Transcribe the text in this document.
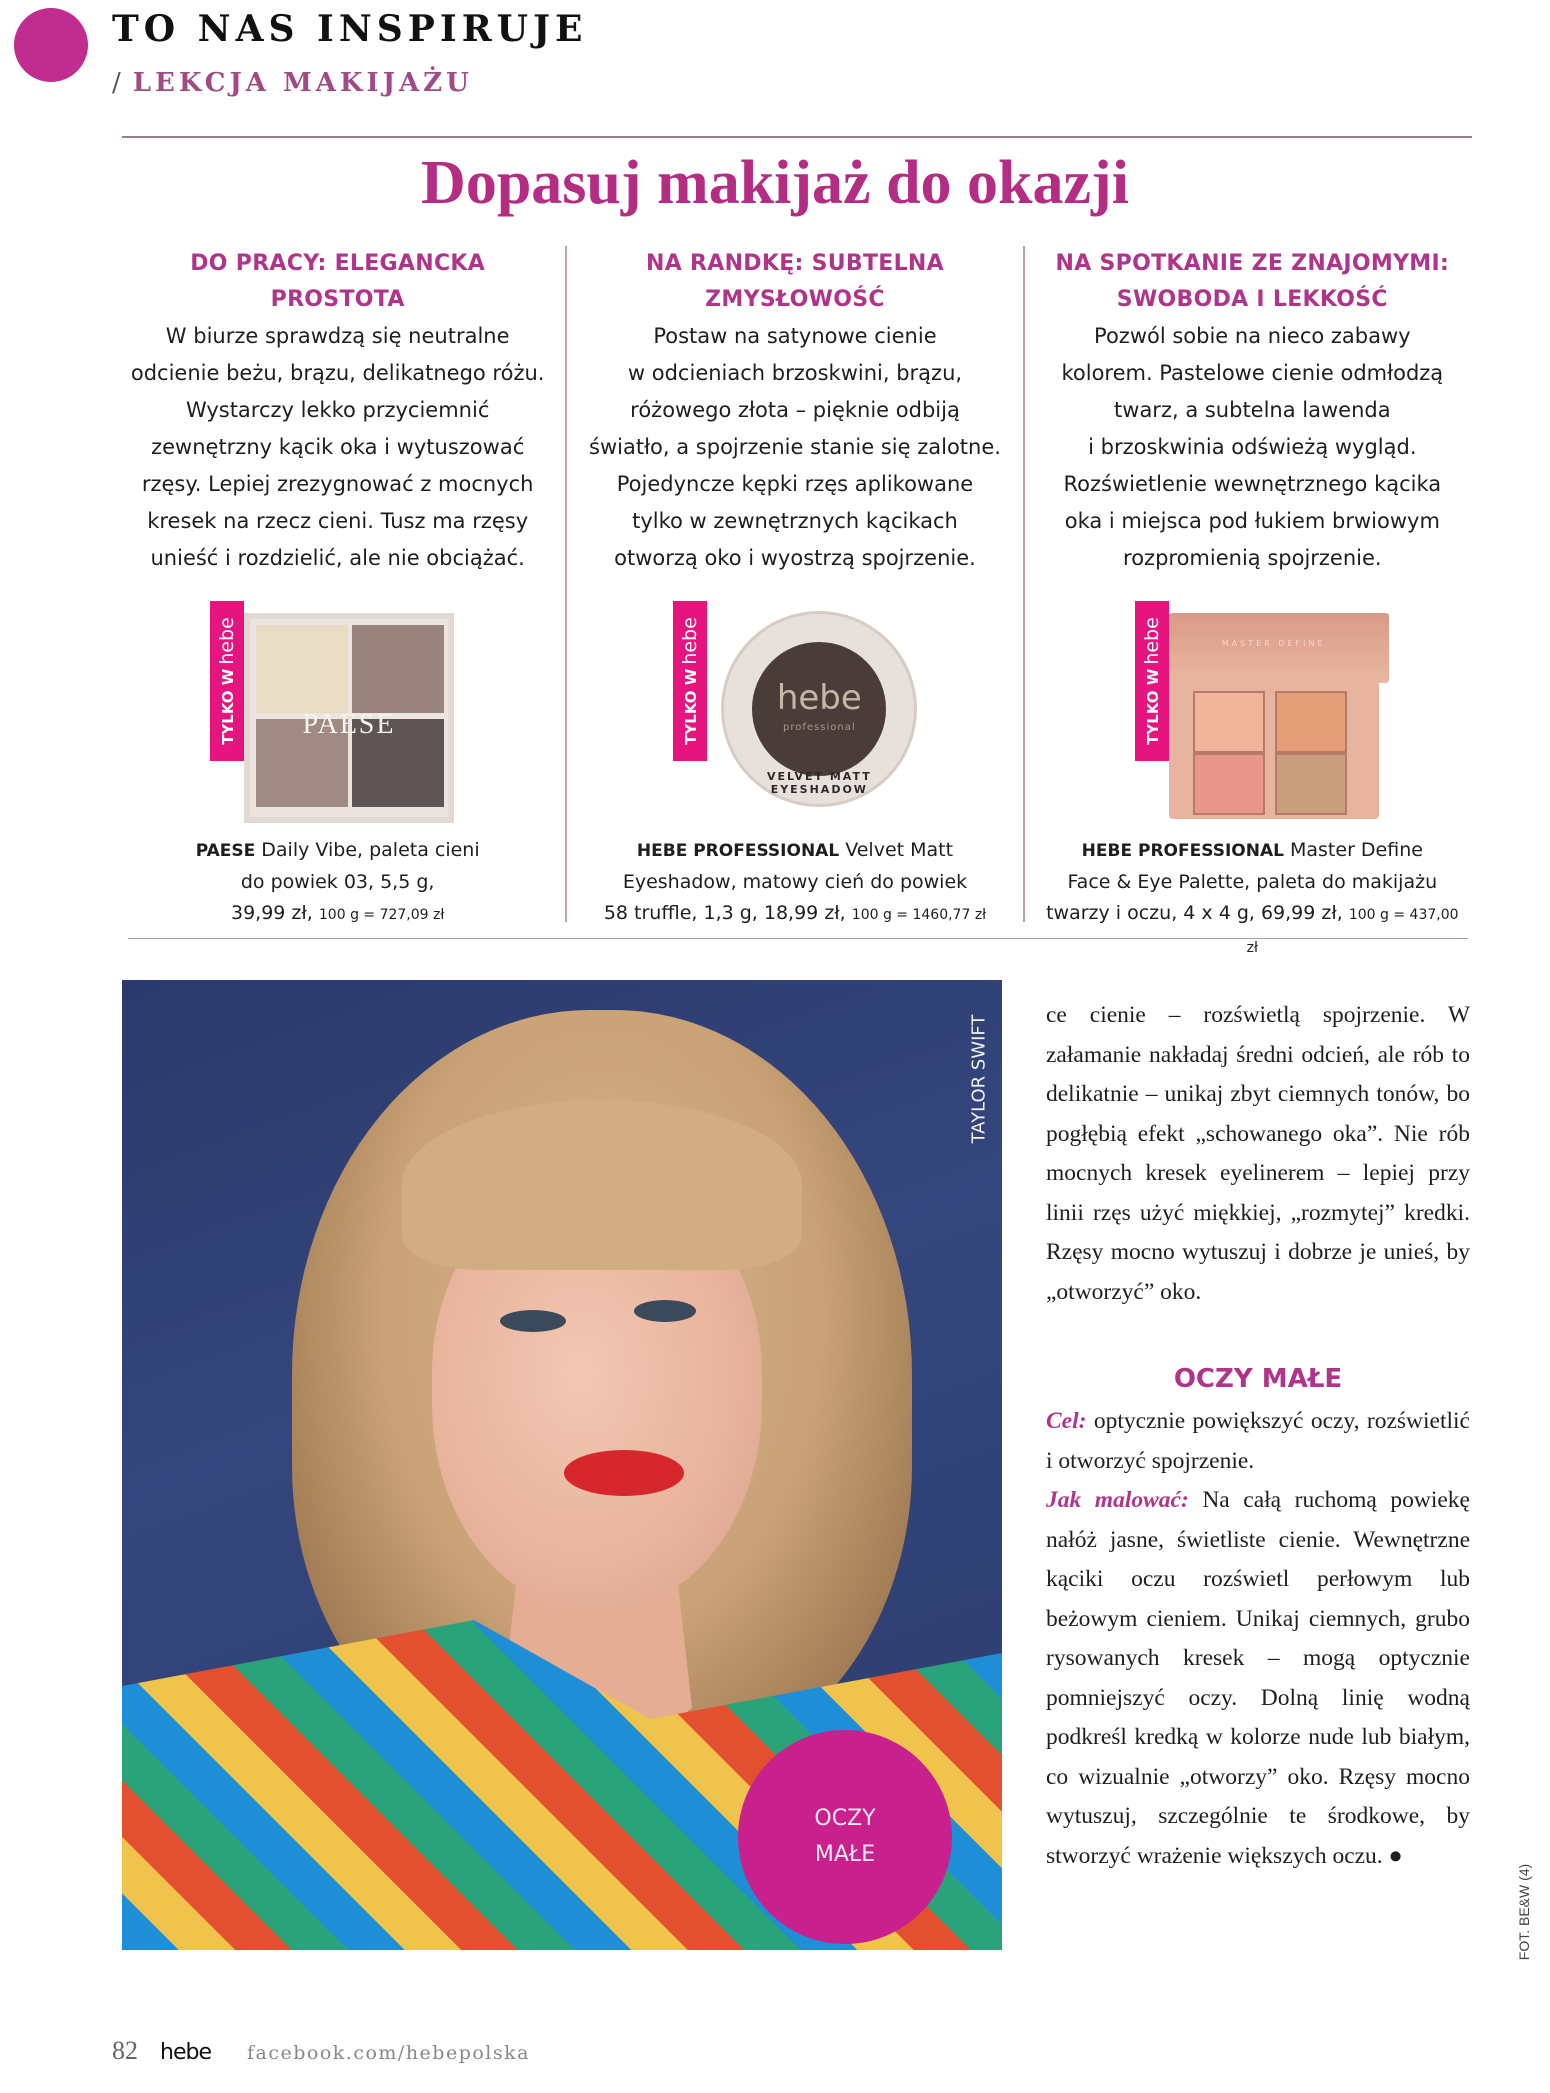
TO NAS INSPIRUJE
/ LEKCJA MAKIJAŻU
Dopasuj makijaż do okazji
DO PRACY: ELEGANCKA
PROSTOTA
W biurze sprawdzą się neutralne
odcienie beżu, brązu, delikatnego różu.
Wystarczy lekko przyciemnić
zewnętrzny kącik oka i wytuszować
rzęsy. Lepiej zrezygnować z mocnych
kresek na rzecz cieni. Tusz ma rzęsy
unieść i rozdzielić, ale nie obciążać.
TYLKO Whebe
PAESE
PAESE Daily Vibe, paleta cieni
do powiek 03, 5,5 g,
39,99 zł, 100 g = 727,09 zł
NA RANDKĘ: SUBTELNA
ZMYSŁOWOŚĆ
Postaw na satynowe cienie
w odcieniach brzoskwini, brązu,
różowego złota – pięknie odbiją
światło, a spojrzenie stanie się zalotne.
Pojedyncze kępki rzęs aplikowane
tylko w zewnętrznych kącikach
otworzą oko i wyostrzą spojrzenie.
TYLKO Whebe
hebe
professional
VELVET MATT EYESHADOW
HEBE PROFESSIONAL Velvet Matt
Eyeshadow, matowy cień do powiek
58 truffle, 1,3 g, 18,99 zł, 100 g = 1460,77 zł
NA SPOTKANIE ZE ZNAJOMYMI:
SWOBODA I LEKKOŚĆ
Pozwól sobie na nieco zabawy
kolorem. Pastelowe cienie odmłodzą
twarz, a subtelna lawenda
i brzoskwinia odświeżą wygląd.
Rozświetlenie wewnętrznego kącika
oka i miejsca pod łukiem brwiowym
rozpromienią spojrzenie.
TYLKO Whebe	MASTER DEFINE
HEBE PROFESSIONAL Master Define
Face & Eye Palette, paleta do makijażu
twarzy i oczu, 4 x 4 g, 69,99 zł, 100 g = 437,00 zł
TAYLOR SWIFT
OCZY
MAŁE

ce cienie – rozświetlą spojrzenie. W załamanie nakładaj średni odcień, ale rób to delikatnie – unikaj zbyt ciemnych tonów, bo pogłębią efekt „schowanego oka”. Nie rób mocnych kresek eyelinerem – lepiej przy linii rzęs użyć miękkiej, „rozmytej” kredki. Rzęsy mocno wytuszuj i dobrze je unieś, by „otworzyć” oko.

OCZY MAŁE

Cel: optycznie powiększyć oczy, rozświetlić i otworzyć spojrzenie.

Jak malować: Na całą ruchomą powiekę nałóż jasne, świetliste cienie. Wewnętrzne kąciki oczu rozświetl perłowym lub beżowym cieniem. Unikaj ciemnych, grubo rysowanych kresek – mogą optycznie pomniejszyć oczy. Dolną linię wodną podkreśl kredką w kolorze nude lub białym, co wizualnie „otworzy” oko. Rzęsy mocno wytuszuj, szczególnie te środkowe, by stworzyć wrażenie większych oczu. ●

FOT. BE&W (4)
82 hebe facebook.com/hebepolska
